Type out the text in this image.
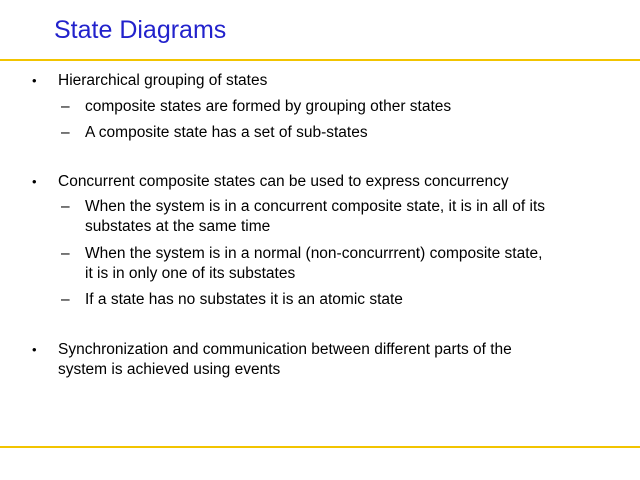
State Diagrams
• Hierarchical grouping of states
– composite states are formed by grouping other states
– A composite state has a set of sub-states
• Concurrent composite states can be used to express concurrency
– When the system is in a concurrent composite state, it is in all of its
substates at the same time
– When the system is in a normal (non-concurrrent) composite state,
it is in only one of its substates
– If a state has no substates it is an atomic state
• Synchronization and communication between different parts of the
system is achieved using events
